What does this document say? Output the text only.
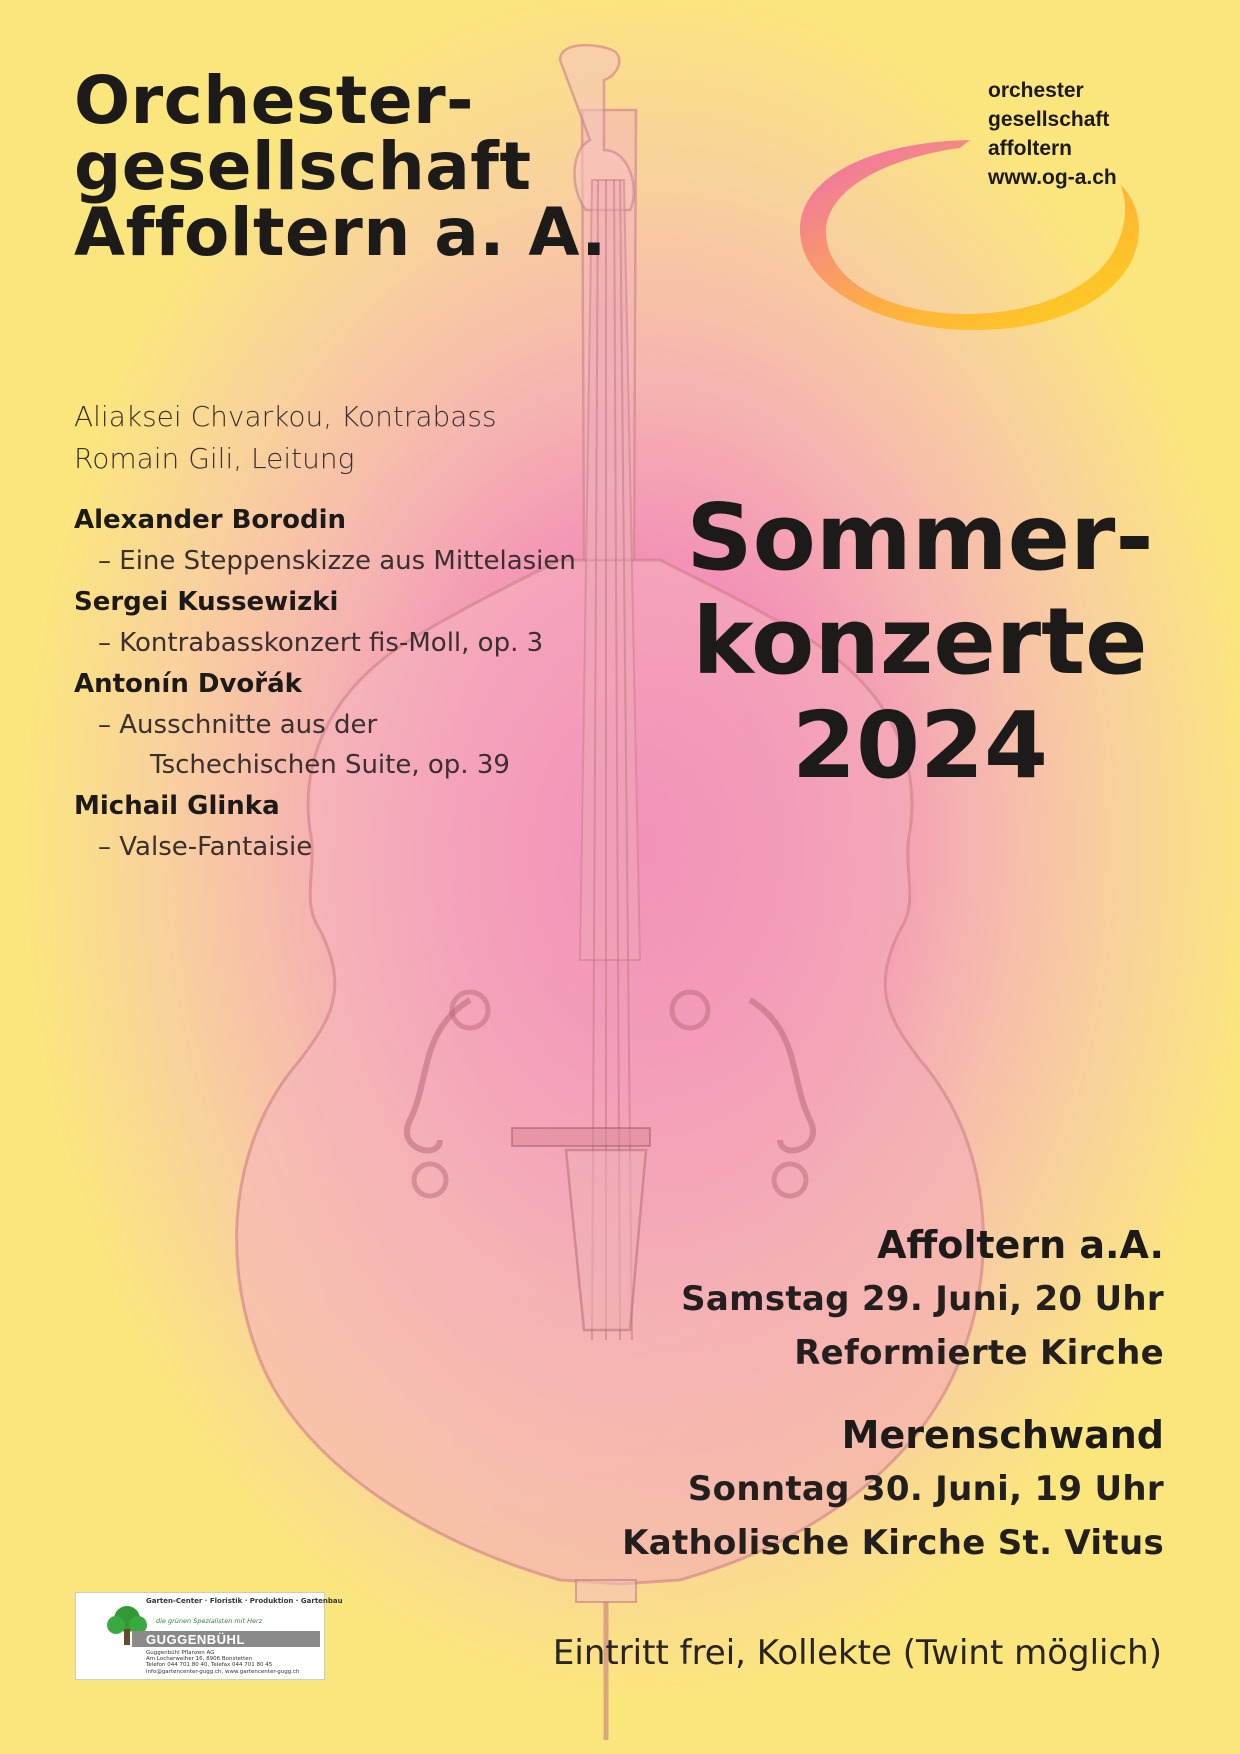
Orchester-
gesellschaft
Affoltern a. A.
orchester
gesellschaft
affoltern
www.og-a.ch
Aliaksei Chvarkou, Kontrabass
Romain Gili, Leitung
Alexander Borodin
– Eine Steppenskizze aus Mittelasien
Sergei Kussewizki
– Kontrabasskonzert fis-Moll, op. 3
Antonín Dvořák
– Ausschnitte aus der
Tschechischen Suite, op. 39
Michail Glinka
– Valse-Fantaisie
Sommer-
konzerte
2024
Affoltern a.A.
Samstag 29. Juni, 20 Uhr
Reformierte Kirche
Merenschwand
Sonntag 30. Juni, 19 Uhr
Katholische Kirche St. Vitus
Eintritt frei, Kollekte (Twint möglich)
Garten-Center · Floristik · Produktion · Gartenbau
die grünen Spezialisten mit Herz
GUGGENBÜHL
Guggenbühl Pflanzen AG
Am Locherweiher 16, 8906 Bonstetten
Telefon 044 701 80 40, Telefax 044 701 80 45
info@gartencenter-gugg.ch, www.gartencenter-gugg.ch
